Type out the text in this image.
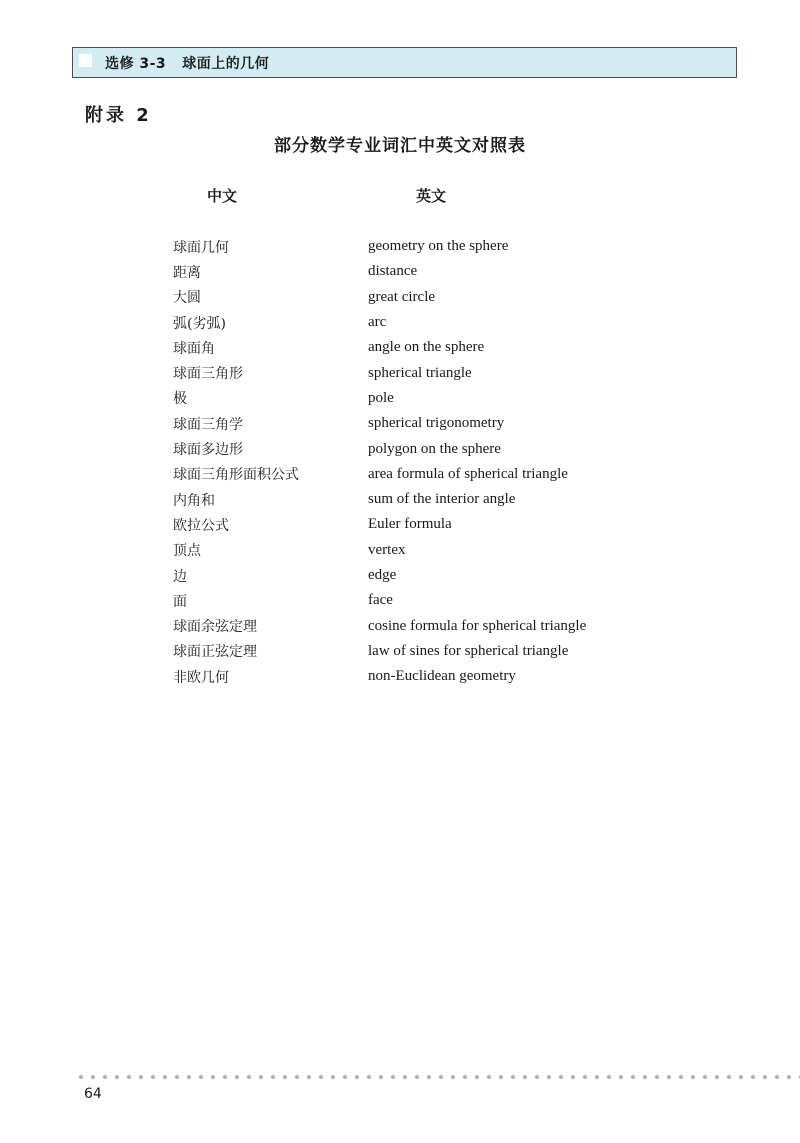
选修 3-3 球面上的几何
附录 2
部分数学专业词汇中英文对照表
中文	英文
球面几何	geometry on the sphere
距离	distance
大圆	great circle
弧(劣弧)	arc
球面角	angle on the sphere
球面三角形	spherical triangle
极	pole
球面三角学	spherical trigonometry
球面多边形	polygon on the sphere
球面三角形面积公式	area formula of spherical triangle
内角和	sum of the interior angle
欧拉公式	Euler formula
顶点	vertex
边	edge
面	face
球面余弦定理	cosine formula for spherical triangle
球面正弦定理	law of sines for spherical triangle
非欧几何	non-Euclidean geometry
64
